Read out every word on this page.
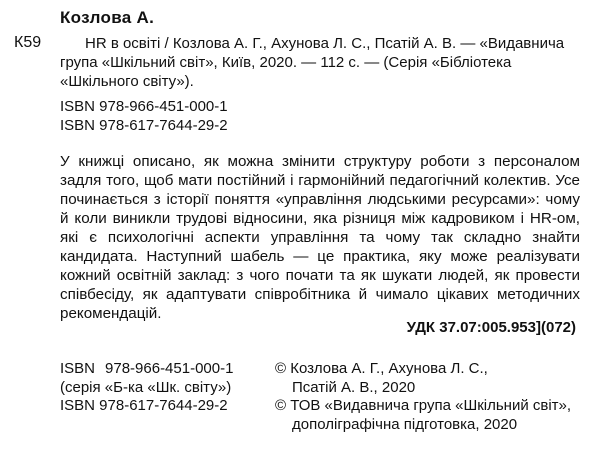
Козлова А.
К59	HR в освіті / Козлова А. Г., Ахунова Л. С., Псатій А. В. — «Видавнича група «Шкільний світ», Київ, 2020. — 112 с. — (Серія «Бібліотека «Шкільного світу»).
ISBN 978-966-451-000-1
ISBN 978-617-7644-29-2

У книжці описано, як можна змінити структуру роботи з персоналом задля того, щоб мати постійний і гармонійний педагогічний колектив. Усе починається з історії поняття «управління людськими ресурсами»: чому й коли виникли трудові відносини, яка різниця між кадровиком і HR-ом, які є психологічні аспекти управління та чому так складно знайти кандидата. Наступний шабель — це практика, яку може реалізувати кожний освітній заклад: з чого почати та як шукати людей, як провести співбесіду, як адаптувати співробітника й чимало цікавих методичних рекомендацій.

УДК 37.07:005.953](072)
ISBN 978-966-451-000-1
(серія «Б-ка «Шк. світу»)
ISBN 978-617-7644-29-2
© Козлова А. Г., Ахунова Л. С.,
Псатій А. В., 2020
© ТОВ «Видавнича група «Шкільний світ»,
дополіграфічна підготовка, 2020
